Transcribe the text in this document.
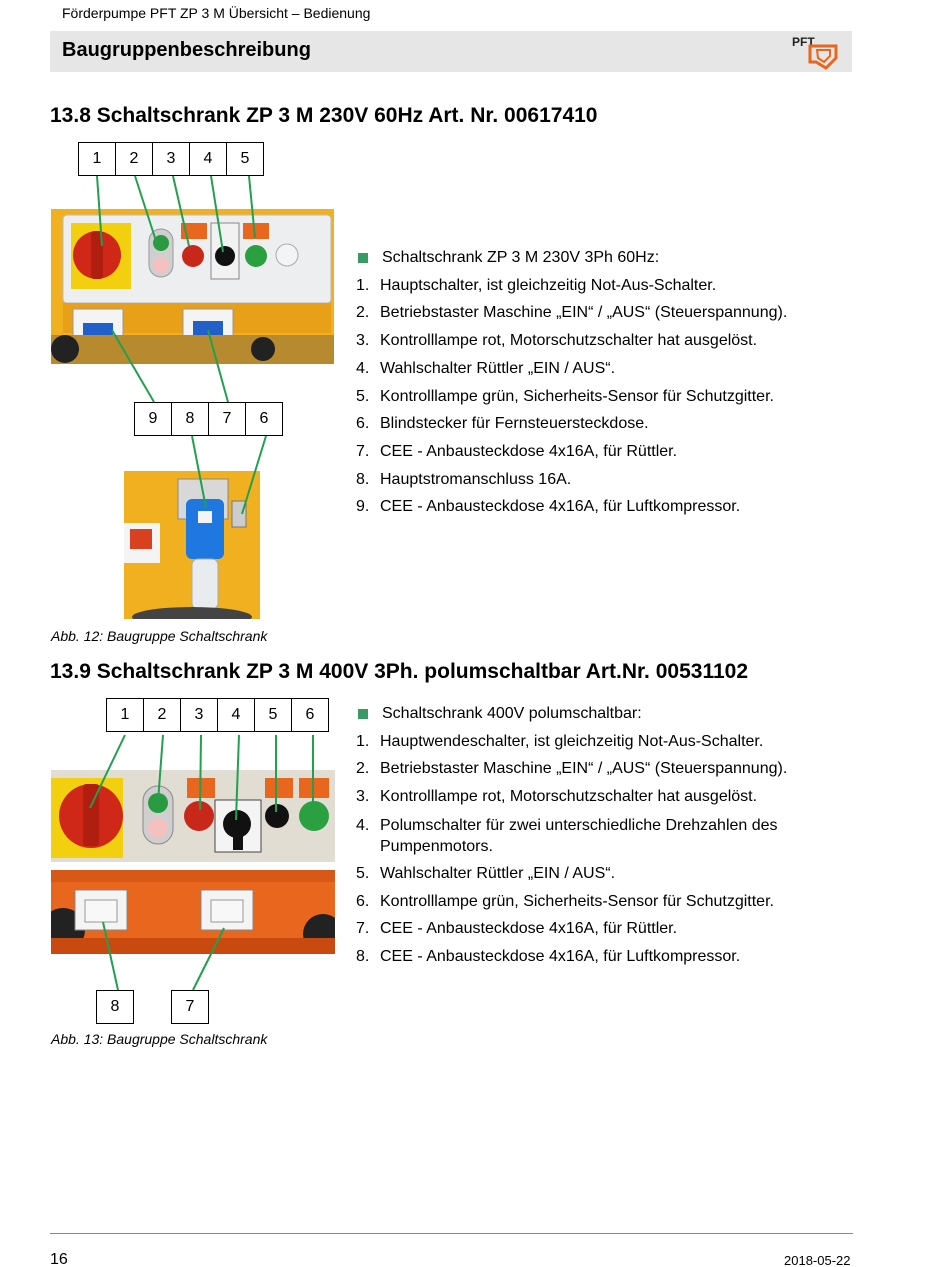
Förderpumpe PFT ZP 3 M Übersicht – Bedienung
Baugruppenbeschreibung	PFT
13.8 Schaltschrank ZP 3 M 230V 60Hz Art. Nr. 00617410
1	2	3	4	5
9	8	7	6
Schaltschrank ZP 3 M 230V 3Ph 60Hz:
1. Hauptschalter, ist gleichzeitig Not-Aus-Schalter.
2. Betriebstaster Maschine „EIN“ / „AUS“ (Steuerspannung).
3. Kontrolllampe rot, Motorschutzschalter hat ausgelöst.
4. Wahlschalter Rüttler „EIN / AUS“.
5. Kontrolllampe grün, Sicherheits-Sensor für Schutzgitter.
6. Blindstecker für Fernsteuersteckdose.
7. CEE - Anbausteckdose 4x16A, für Rüttler.
8. Hauptstromanschluss 16A.
9. CEE - Anbausteckdose 4x16A, für Luftkompressor.
Abb. 12: Baugruppe Schaltschrank
13.9 Schaltschrank ZP 3 M 400V 3Ph. polumschaltbar Art.Nr. 00531102
1	2	3	4	5	6
8	7
Schaltschrank 400V polumschaltbar:
1. Hauptwendeschalter, ist gleichzeitig Not-Aus-Schalter.
2. Betriebstaster Maschine „EIN“ / „AUS“ (Steuerspannung).
3. Kontrolllampe rot, Motorschutzschalter hat ausgelöst.
4. Polumschalter für zwei unterschiedliche Drehzahlen des Pumpenmotors.
5. Wahlschalter Rüttler „EIN / AUS“.
6. Kontrolllampe grün, Sicherheits-Sensor für Schutzgitter.
7. CEE - Anbausteckdose 4x16A, für Rüttler.
8. CEE - Anbausteckdose 4x16A, für Luftkompressor.
Abb. 13: Baugruppe Schaltschrank
16	2018-05-22
